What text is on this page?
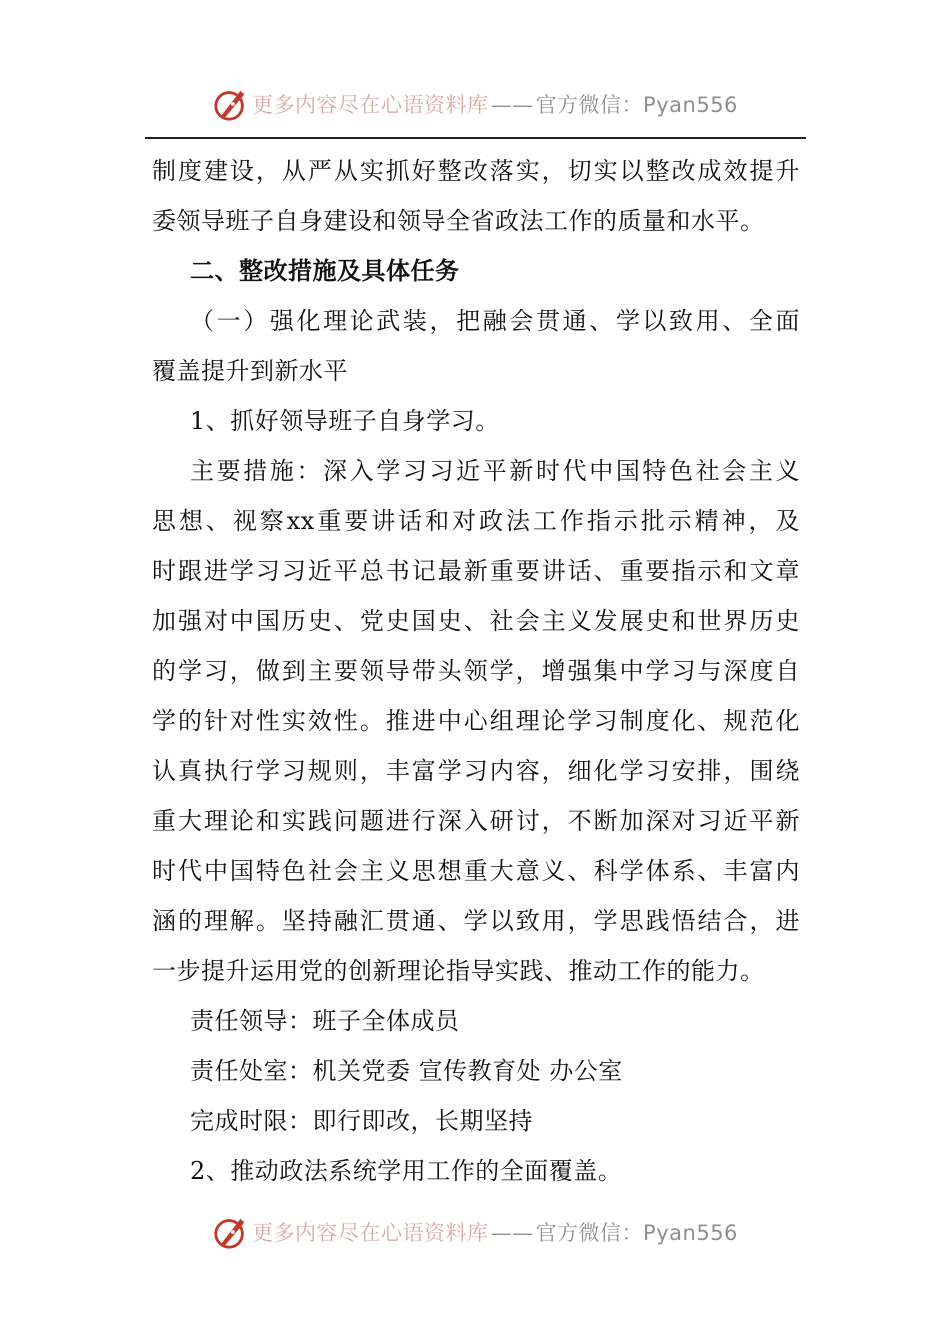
更多内容尽在心语资料库——官方微信：Pyan556
制度建设，从严从实抓好整改落实，切实以整改成效提升
委领导班子自身建设和领导全省政法工作的质量和水平。
二、整改措施及具体任务
（一）强化理论武装，把融会贯通、学以致用、全面
覆盖提升到新水平
1、抓好领导班子自身学习。
主要措施：深入学习习近平新时代中国特色社会主义
思想、视察xx重要讲话和对政法工作指示批示精神，及
时跟进学习习近平总书记最新重要讲话、重要指示和文章
加强对中国历史、党史国史、社会主义发展史和世界历史
的学习，做到主要领导带头领学，增强集中学习与深度自
学的针对性实效性。推进中心组理论学习制度化、规范化
认真执行学习规则，丰富学习内容，细化学习安排，围绕
重大理论和实践问题进行深入研讨，不断加深对习近平新
时代中国特色社会主义思想重大意义、科学体系、丰富内
涵的理解。坚持融汇贯通、学以致用，学思践悟结合，进
一步提升运用党的创新理论指导实践、推动工作的能力。
责任领导：班子全体成员
责任处室：机关党委 宣传教育处 办公室
完成时限：即行即改，长期坚持
2、推动政法系统学用工作的全面覆盖。
更多内容尽在心语资料库——官方微信：Pyan556
